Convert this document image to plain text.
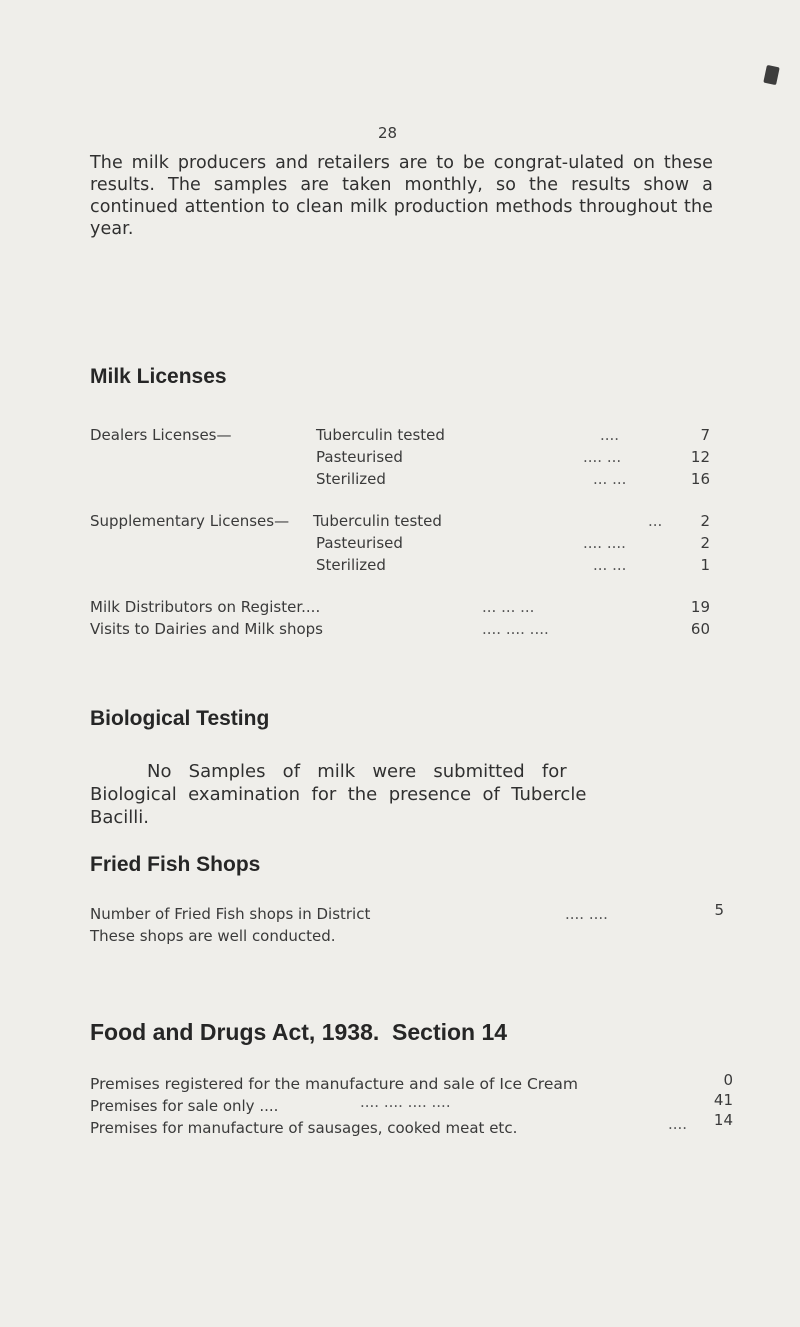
28
The milk producers and retailers are to be congrat-ulated on these results. The samples are taken monthly, so the results show a continued attention to clean milk production methods throughout the year.
Milk Licenses
Dealers Licenses—	Tuberculin tested	....	7
Pasteurised	.... ...	12
Sterilized	... ...	16
Supplementary Licenses— Tuberculin tested	...	2
Pasteurised	.... ....	2
Sterilized	... ...	1
Milk Distributors on Register....	... ... ...	19
Visits to Dairies and Milk shops	.... .... ....	60
Biological Testing
No   Samples   of   milk   were   submitted   for
Biological  examination  for  the  presence  of  Tubercle
Bacilli.
Fried Fish Shops
Number of Fried Fish shops in District	.... ....	5
These shops are well conducted.
Food and Drugs Act, 1938.  Section 14
Premises registered for the manufacture and sale of Ice Cream	0
Premises for sale only ....	.... .... .... ....	41
Premises for manufacture of sausages, cooked meat etc.	....	14
